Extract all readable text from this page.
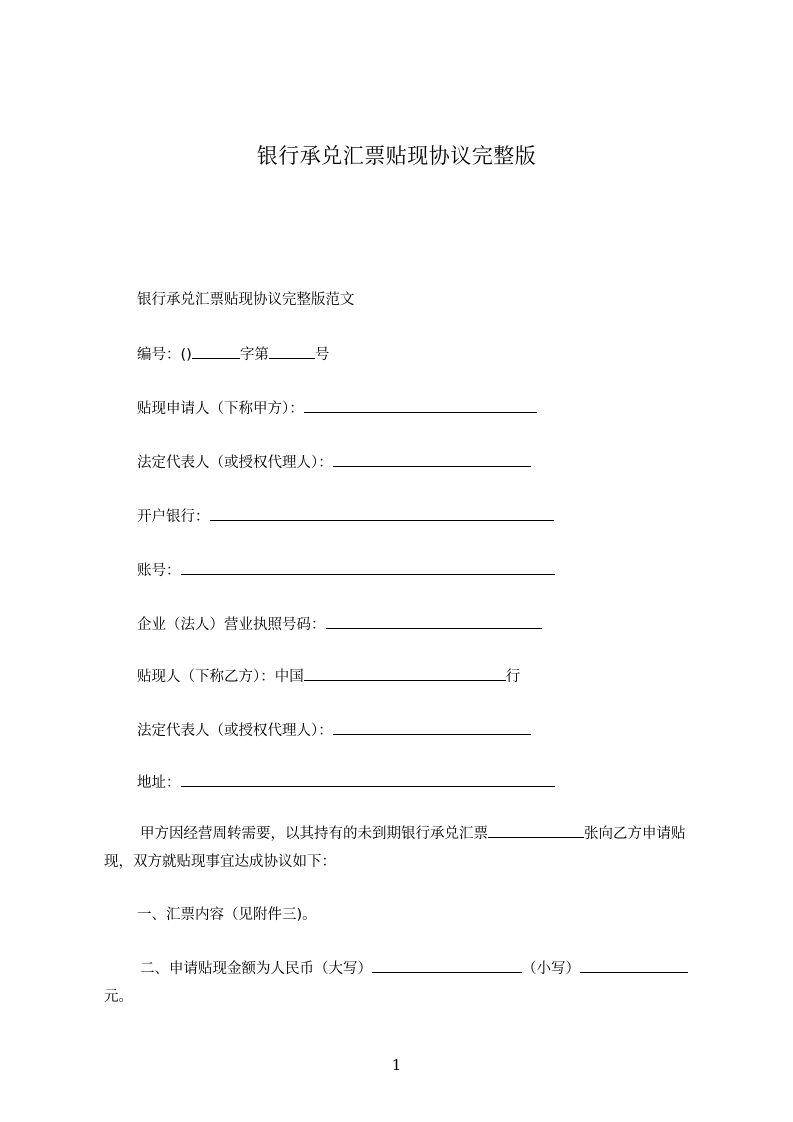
银行承兑汇票贴现协议完整版
银行承兑汇票贴现协议完整版范文
编号：()	字第	号
贴现申请人（下称甲方）：
法定代表人（或授权代理人）：
开户银行：
账号：
企业（法人）营业执照号码：
贴现人（下称乙方）：中国	行
法定代表人（或授权代理人）：
地址：
甲方因经营周转需要，以其持有的未到期银行承兑汇票	张向乙方申请贴现，双方就贴现事宜达成协议如下：
一、汇票内容（见附件三)。
二、申请贴现金额为人民币（大写）	（小写）元。
1
